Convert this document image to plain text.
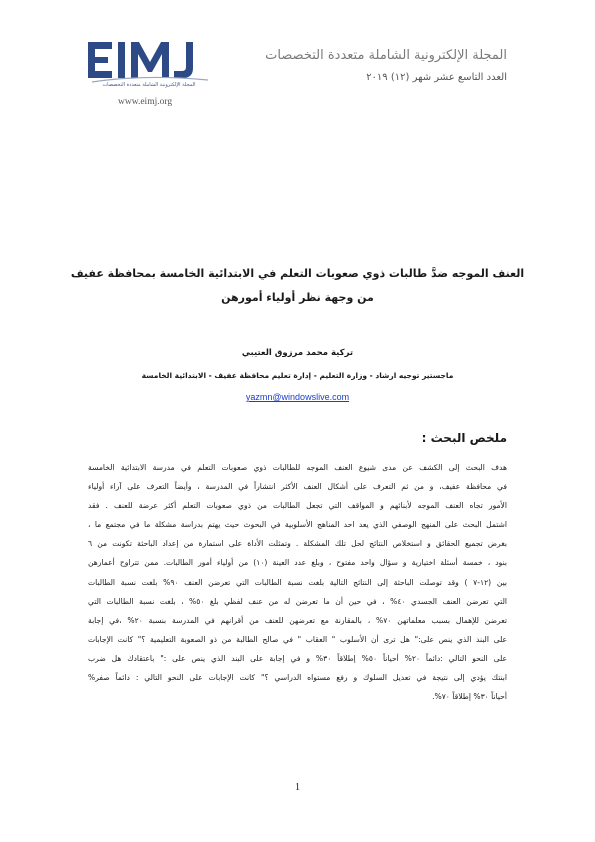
المجلة الإلكترونية الشاملة متعددة التخصصات
www.eimj.org
المجلة الإلكترونية الشاملة متعددة التخصصات
العدد التاسع عشر شهر (١٢) ٢٠١٩
العنف الموجه ضدَّ طالبات ذوي صعوبات التعلم في الابتدائية الخامسة بمحافظة عفيف
من وجهة نظر أولياء أمورهن
تركية محمد مرزوق العتيبي
ماجستير توجيه ارشاد - وزارة التعليم - إدارة تعليم محافظة عفيف - الابتدائية الخامسة
yazmn@windowslive.com
ملخص البحث :
هدف البحث إلى الكشف عن مدى شيوع العنف الموجه للطالبات ذوي صعوبات التعلم في مدرسة الابتدائية الخامسة
في محافظة عفيف، و من ثم التعرف على أشكال العنف الأكثر انتشاراً في المدرسة ، وأيضاً التعرف على آراء أولياء
الأمور تجاه العنف الموجه لأبنائهم و المواقف التي تجعل الطالبات من ذوي صعوبات التعلم أكثر عرضة للعنف . فقد
اشتمل البحث على المنهج الوصفي الذي يعد احد المناهج الأسلوبية في البحوث حيث يهتم بدراسة مشكلة ما في مجتمع ما ،
بغرض تجميع الحقائق و استخلاص النتائج لحل تلك المشكلة . وتمثلت الأداة على استمارة من إعداد الباحثة تكونت من ٦
بنود ، خمسة أسئلة اختيارية و سؤال واحد مفتوح ، وبلغ عدد العينة (١٠) من أولياء أمور الطالبات. ممن تتراوح أعمارهن
بين (١٢-٧ ) وقد توصلت الباحثة إلى النتائج التالية بلغت نسبة الطالبات التي تعرضن العنف ٩٠% بلغت نسبة الطالبات
التي تعرضن العنف الجسدي ٤٠% ، في حين أن ما تعرضن له من عنف لفظي بلغ ٥٠% ، بلغت نسبة الطالبات التي
تعرضن للإهمال بسبب معلماتهن ٧٠% ، بالمقارنة مع تعرضهن للعنف من أقرانهم في المدرسة بنسبة ٢٠% ،في إجابة
على البند الذي ينص على:" هل ترى أن الأسلوب " العقاب " في صالح الطالبة من ذو الصعوبة التعليمية ؟" كانت الإجابات
على النحو التالي :دائماً ٢٠% أحياناً ٥٠% إطلاقاً ٣٠% و في إجابة على البند الذي ينص على :" باعتقادك هل ضرب
ابنتك يؤدي إلى نتيجة في تعديل السلوك و رفع مستواه الدراسي ؟" كانت الإجابات على النحو التالي : دائماً صفر%
أحياناً ٣٠% إطلاقاً ٧٠%.
1
